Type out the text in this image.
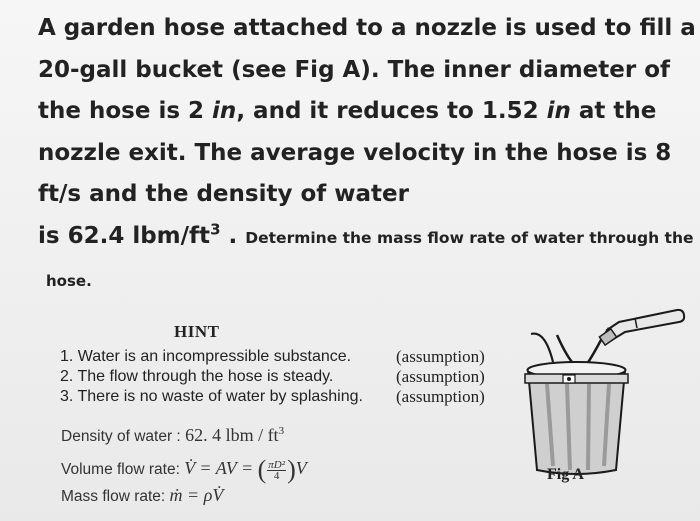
A garden hose attached to a nozzle is used to fill a
20-gall bucket (see Fig A). The inner diameter of
the hose is 2 in, and it reduces to 1.52 in at the
nozzle exit. The average velocity in the hose is 8
ft/s and the density of water
is 62.4 lbm/$ft^3$ . Determine the mass flow rate of water through the
hose.
HINT
1. Water is an incompressible substance.	(assumption)
2. The flow through the hose is steady.	(assumption)
3. There is no waste of water by splashing. (assumption)
Density of water : 62. 4 lbm / $ft^3$
Volume flow rate: V̇ = AV = ( $\frac{\text{πD²}}{4} )V$
Mass flow rate: ṁ = ρV̇
Fig A
